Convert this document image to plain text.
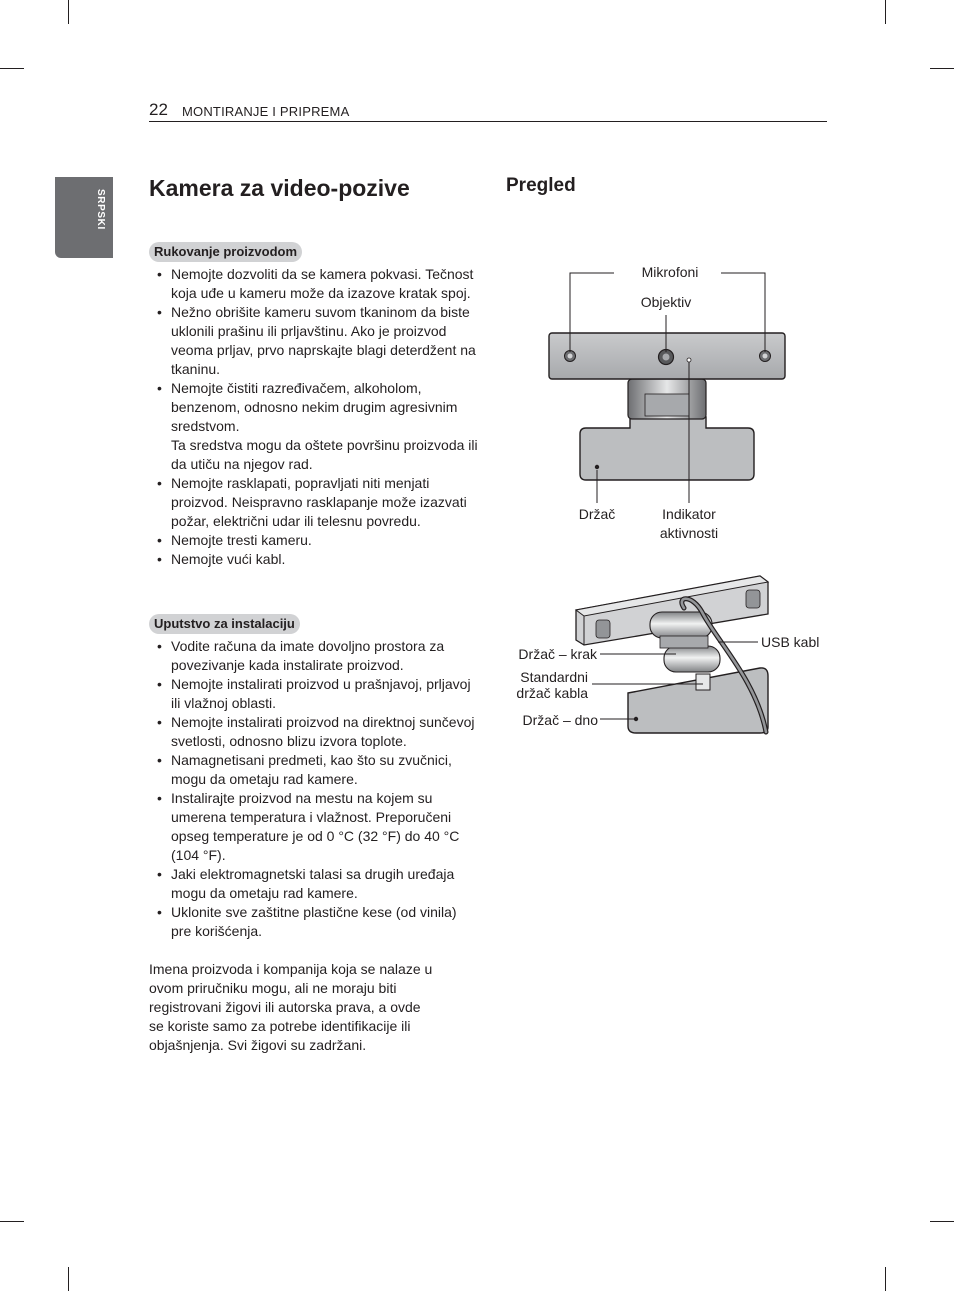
22 MONTIRANJE I PRIPREMA
SRPSKI
Kamera za video-pozive
Rukovanje proizvodom
• Nemojte dozvoliti da se kamera pokvasi. Tečnost koja uđe u kameru može da izazove kratak spoj.
• Nežno obrišite kameru suvom tkaninom da biste uklonili prašinu ili prljavštinu. Ako je proizvod veoma prljav, prvo naprskajte blagi deterdžent na tkaninu.
• Nemojte čistiti razređivačem, alkoholom, benzenom, odnosno nekim drugim agresivnim sredstvom.
Ta sredstva mogu da oštete površinu proizvoda ili da utiču na njegov rad.
• Nemojte rasklapati, popravljati niti menjati proizvod. Neispravno rasklapanje može izazvati požar, električni udar ili telesnu povredu.
• Nemojte tresti kameru.
• Nemojte vući kabl.
Uputstvo za instalaciju
• Vodite računa da imate dovoljno prostora za povezivanje kada instalirate proizvod.
• Nemojte instalirati proizvod u prašnjavoj, prljavoj ili vlažnoj oblasti.
• Nemojte instalirati proizvod na direktnoj sunčevoj svetlosti, odnosno blizu izvora toplote.
• Namagnetisani predmeti, kao što su zvučnici, mogu da ometaju rad kamere.
• Instalirajte proizvod na mestu na kojem su umerena temperatura i vlažnost. Preporučeni opseg temperature je od 0 °C (32 °F) do 40 °C (104 °F).
• Jaki elektromagnetski talasi sa drugih uređaja mogu da ometaju rad kamere.
• Uklonite sve zaštitne plastične kese (od vinila) pre korišćenja.

Imena proizvoda i kompanija koja se nalaze u ovom priručniku mogu, ali ne moraju biti registrovani žigovi ili autorska prava, a ovde se koriste samo za potrebe identifikacije ili objašnjenja. Svi žigovi su zadržani.

Pregled
Mikrofoni
Objektiv
Držač	Indikator
aktivnosti
USB kabl
Držač – krak
Standardni
držač kabla
Držač – dno
